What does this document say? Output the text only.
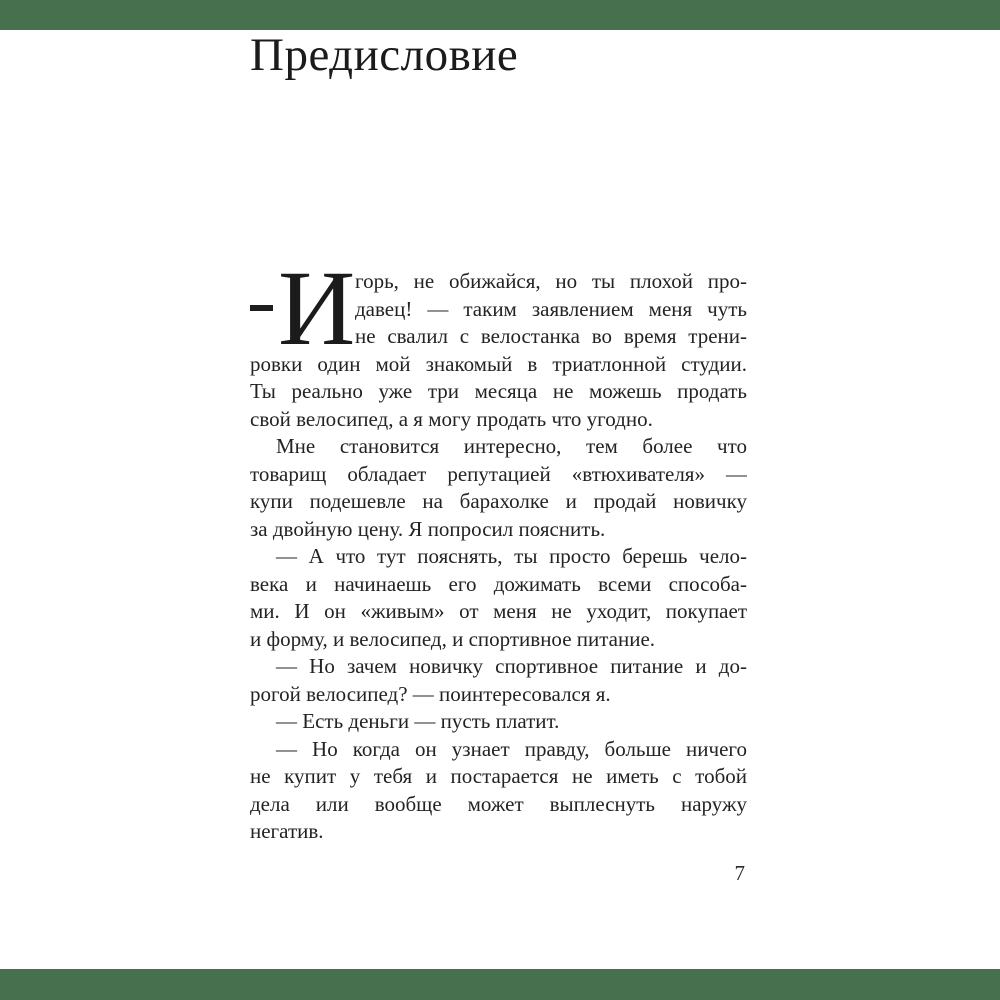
Предисловие
И горь, не обижайся, но ты плохой про-
давец! — таким заявлением меня чуть
не свалил с велостанка во время трени-
ровки один мой знакомый в триатлонной студии.
Ты реально уже три месяца не можешь продать
свой велосипед, а я могу продать что угодно.
Мне становится интересно, тем более что
товарищ обладает репутацией «втюхивателя» —
купи подешевле на барахолке и продай новичку
за двойную цену. Я попросил пояснить.
— А что тут пояснять, ты просто берешь чело-
века и начинаешь его дожимать всеми способа-
ми. И он «живым» от меня не уходит, покупает
и форму, и велосипед, и спортивное питание.
— Но зачем новичку спортивное питание и до-
рогой велосипед? — поинтересовался я.
— Есть деньги — пусть платит.
— Но когда он узнает правду, больше ничего
не купит у тебя и постарается не иметь с тобой
дела или вообще может выплеснуть наружу
негатив.
7
